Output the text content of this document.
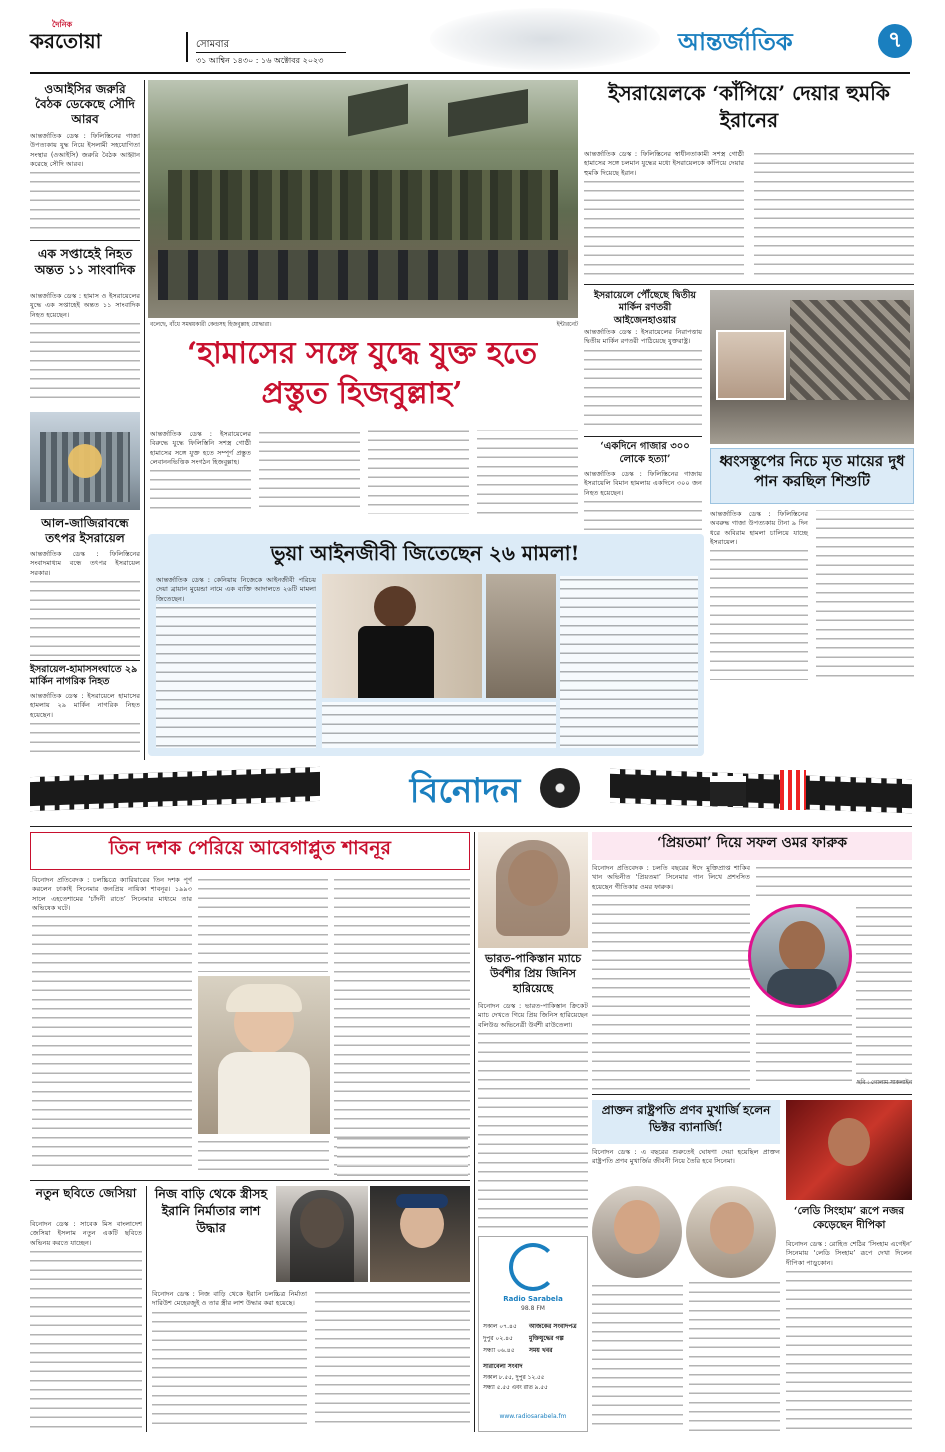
দৈনিক
করতোয়া	সোমবার
৩১ আশ্বিন ১৪৩০ : ১৬ অক্টোবর ২০২৩
আন্তর্জাতিক	৭
ওআইসির জরুরি বৈঠক ডেকেছে সৌদি আরব
আন্তর্জাতিক ডেস্ক : ফিলিস্তিনের গাজা উপত্যকায় যুদ্ধ নিয়ে ইসলামী সহযোগিতা সংস্থার (ওআইসি) জরুরি বৈঠক আহ্বান করেছে সৌদি আরব।
এক সপ্তাহেই নিহত অন্তত ১১ সাংবাদিক
আন্তর্জাতিক ডেস্ক : হামাস ও ইসরায়েলের যুদ্ধে এক সপ্তাহেই অন্তত ১১ সাংবাদিক নিহত হয়েছেন।
আল-জাজিরাবন্ধে তৎপর ইসরায়েল
আন্তর্জাতিক ডেস্ক : ফিলিস্তিনের সংবাদমাধ্যম বন্ধে তৎপর ইসরায়েল সরকার।
ইসরায়েল-হামাসসংঘাতে ২৯ মার্কিন নাগরিক নিহত
আন্তর্জাতিক ডেস্ক : ইসরায়েলে হামাসের হামলায় ২৯ মার্কিন নাগরিক নিহত হয়েছেন।
বলেছে, বাঁধে সমন্বয়কারী কেন্দ্রসহ হিজবুল্লাহ যোদ্ধারা।	ইন্টারনেট
‘হামাসের সঙ্গে যুদ্ধে যুক্ত হতে প্রস্তুত হিজবুল্লাহ’
আন্তর্জাতিক ডেস্ক : ইসরায়েলের বিরুদ্ধে যুদ্ধে ফিলিস্তিনি সশস্ত্র গোষ্ঠী হামাসের সঙ্গে যুক্ত হতে সম্পূর্ণ প্রস্তুত লেবাননভিত্তিক সংগঠন হিজবুল্লাহ।
ইসরায়েলকে ‘কাঁপিয়ে’ দেয়ার হুমকি ইরানের
আন্তর্জাতিক ডেস্ক : ফিলিস্তিনের স্বাধীনতাকামী সশস্ত্র গোষ্ঠী হামাসের সঙ্গে চলমান যুদ্ধের মধ্যে ইসরায়েলকে কাঁপিয়ে দেয়ার হুমকি দিয়েছে ইরান।
ইসরায়েলে পৌঁছেছে দ্বিতীয় মার্কিন রণতরী আইজেনহাওয়ার
আন্তর্জাতিক ডেস্ক : ইসরায়েলের নিরাপত্তায় দ্বিতীয় মার্কিন রণতরী পাঠিয়েছে যুক্তরাষ্ট্র।
‘একদিনে গাজার ৩০০ লোকে হত্যা’
আন্তর্জাতিক ডেস্ক : ফিলিস্তিনের গাজায় ইসরায়েলি বিমান হামলায় একদিনে ৩০০ জন নিহত হয়েছেন।
ধ্বংসস্তূপের নিচে মৃত মায়ের দুধ পান করছিল শিশুটি
আন্তর্জাতিক ডেস্ক : ফিলিস্তিনের অবরুদ্ধ গাজা উপত্যকায় টানা ৯ দিন ধরে অবিরাম হামলা চালিয়ে যাচ্ছে ইসরায়েল।
ভুয়া আইনজীবী জিতেছেন ২৬ মামলা!
আন্তর্জাতিক ডেস্ক : কেনিয়ায় নিজেকে আইনজীবী পরিচয় দেয়া ব্রায়ান মুয়েন্ডা নামে এক ব্যক্তি আদালতে ২৬টি মামলা জিতেছেন।
বিনোদন
তিন দশক পেরিয়ে আবেগাপ্লুত শাবনূর
বিনোদন প্রতিবেদক : চলচ্চিত্রে ক্যারিয়ারের তিন দশক পূর্ণ করলেন ঢাকাই সিনেমার জনপ্রিয় নায়িকা শাবনূর। ১৯৯৩ সালে এহতেশামের ‘চাঁদনী রাতে’ সিনেমার মাধ্যমে তার অভিষেক ঘটে।
ভারত-পাকিস্তান ম্যাচে উর্বশীর প্রিয় জিনিস হারিয়েছে
বিনোদন ডেস্ক : ভারত-পাকিস্তান ক্রিকেট ম্যাচ দেখতে গিয়ে প্রিয় জিনিস হারিয়েছেন বলিউড অভিনেত্রী উর্বশী রাউতেলা।
‘প্রিয়তমা’ দিয়ে সফল ওমর ফারুক
বিনোদন প্রতিবেদক : চলতি বছরের ঈদে মুক্তিপ্রাপ্ত শাকিব খান অভিনীত ‘প্রিয়তমা’ সিনেমার গান লিখে প্রশংসিত হয়েছেন গীতিকার ওমর ফারুক।
ছবি : গোলাম সাকলাইন
প্রাক্তন রাষ্ট্রপতি প্রণব মুখার্জি হলেন ভিক্টর ব্যানার্জি!
বিনোদন ডেস্ক : এ বছরের শুরুতেই ঘোষণা দেয়া হয়েছিল প্রাক্তন রাষ্ট্রপতি প্রণব মুখার্জির জীবনী নিয়ে তৈরি হবে সিনেমা।
‘লেডি সিংহাম’ রূপে নজর কেড়েছেন দীপিকা
বিনোদন ডেস্ক : রোহিত শেঠির ‘সিংহাম এগেইন’ সিনেমায় ‘লেডি সিংহাম’ রূপে দেখা দিলেন দীপিকা পাড়ুকোন।
নতুন ছবিতে জেসিয়া
বিনোদন ডেস্ক : সাবেক মিস বাংলাদেশ জেসিয়া ইসলাম নতুন একটি ছবিতে অভিনয় করতে যাচ্ছেন।
নিজ বাড়ি থেকে স্ত্রীসহ ইরানি নির্মাতার লাশ উদ্ধার
বিনোদন ডেস্ক : নিজ বাড়ি থেকে ইরানি চলচ্চিত্র নির্মাতা দারিউশ মেহেরজুই ও তার স্ত্রীর লাশ উদ্ধার করা হয়েছে।
Radio Sarabela
98.8 FM
সকাল ০৭.৪৫ আজকের সংবাদপত্র
দুপুর ০২.৪৫	মুক্তিযুদ্ধের গল্প
সন্ধ্যা ০৬.৪৫ সময় খবর
সারাবেলা সংবাদ
সকাল ৮.৫৫, দুপুর ১২.৫৫
সন্ধ্যা ৫.৫৫ এবং রাত ৯.৫৫
www.radiosarabela.fm
